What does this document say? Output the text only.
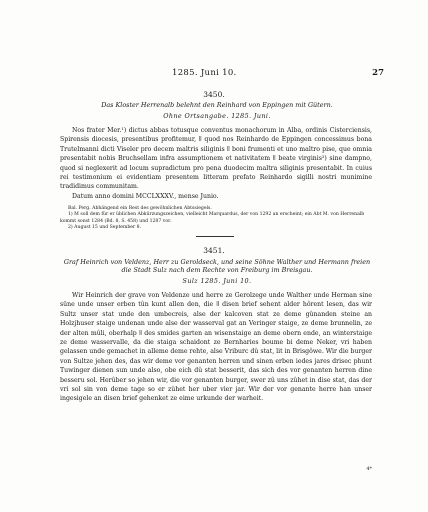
1285. Juni 10.	27
3450.
Das Kloster Herrenalb belehnt den Reinhard von Eppingen mit Gütern.
Ohne Ortsangabe. 1285. Juni.

Nos frater Mer.¹) dictus abbas totusque conventus monachorum in Alba, ordinis Cisterciensis, Spirensis diocesis, presentibus profitemur, ǁ quod nos Reinhardo de Eppingen concessimus bona Trutelmanni dicti Viseler pro decem maltris siliginis ǁ boni frumenti et uno maltro pise, que omnia presentabit nobis Bruchsellam infra assumptionem et nativitatem ǁ beate virginis²) sine dampno, quod si neglexerit ad locum supradictum pro pena duodecim maltra siliginis presentabit. In cuius rei testimonium ei evidentiam presentem litteram prefato Reinhardo sigilli nostri munimine tradidimus communitam.

Datum anno domini MCCLXXXV., mense Junio.

Bal. Perg. Abhängend ein Rest des gewöhnlichen Abtssiegels.
1) M soll dem für er üblichen Abkürzungszeichen, vielleicht Marquardus, der von 1292 an erscheint; ein Abt M. von Herrenalb kommt sonst 1284 (Bd. 8, S. 458) und 1287 vor.
2) August 15 und September 8.
3451.
Graf Heinrich von Veldenz, Herr zu Geroldseck, und seine Söhne Walther und Hermann freien die Stadt Sulz nach dem Rechte von Freiburg im Breisgau.
Sulz 1285. Juni 10.

Wir Heinrich der grave von Veldenze und herre ze Gerolzege unde Walther unde Herman sine süne unde unser erben tûn kunt allen den, die ǁ disen brief sehent alder hôrent lesen, das wir Sultz unser stat unde den umbecreis, alse der kalcoven stat ze deme gûnanden steine an Holzjhuser staige undenan unde alse der wasserval gat an Veringer staige, ze deme brunnelin, ze der alten mûli, oberhalp ǁ des smides garten an wisenstaige an deme obern ende, an winterstaige ze deme wasservalle, da die staiga schaidont ze Bernharies boume bi deme Neker, vri haben gelassen unde gemachet in alleme deme rehte, alse Vriburc dû stat, lit in Brisgôwe. Wir die burger von Sultze jehen des, das wir deme vor genanten herren und sinen erben iedes jares drisec phunt Tuwinger dienen sun unde also, obe eich dû stat besserit, das sich des vor genanten herren dine besseru sol. Herûber so jehen wir, die vor genanten burger, swer zû uns zûhet in dise stat, das der vri sol sin von deme tage so er zûhet her uber vier jar. Wir der vor genante herre han unser ingesigele an disen brief gehenket ze eime urkunde der warheit.

4*
